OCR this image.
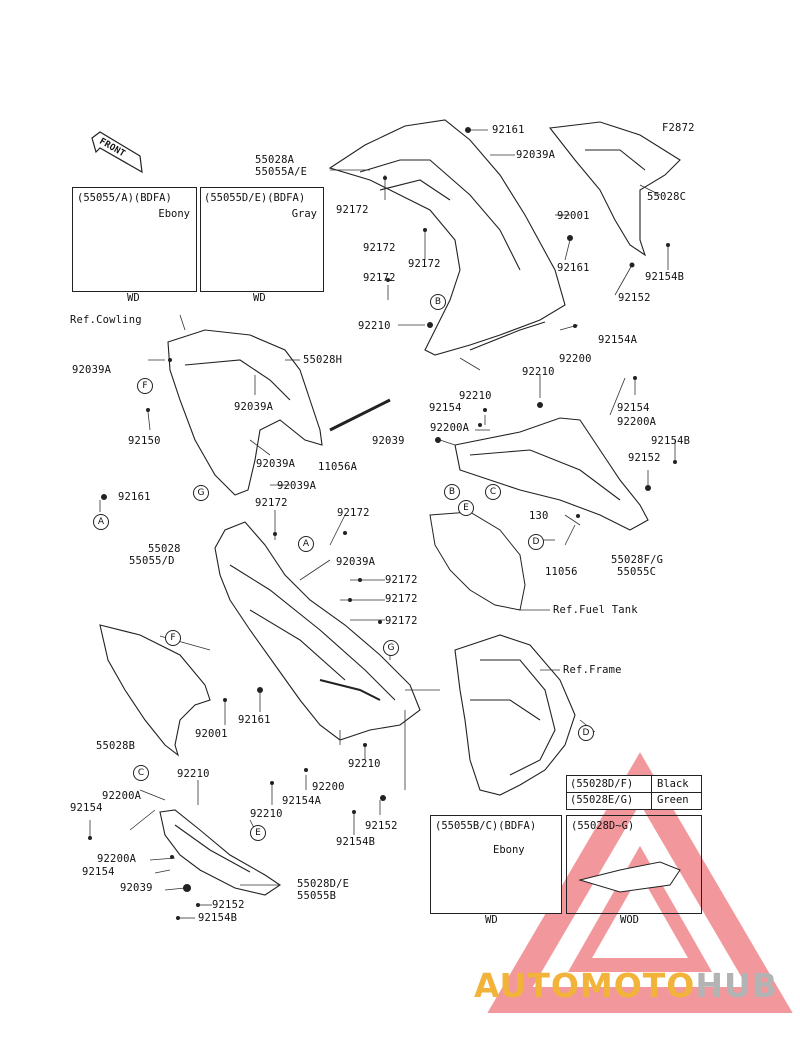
F2872
FRONT
(55055/A)(BDFA)
Ebony
WD
(55055D/E)(BDFA)
Gray
WD
(55055B/C)(BDFA)
Ebony
WD
(55028D~G)
WOD
(55028D/F) Black
(55028E/G) Green
B
F
G
A
B	C
E
D
A
F
G
D
C
E
92161
92039A
55028A
55055A/E
55028C
92001
92172
92172
92172	92161
92154B
92172
92152
92210
92154A
Ref.Cowling
55028H	92200
92039A	92210
92210
92039A	92154	92154
92200A
92200A
92150	92039	92154B
92152
92039A 11056A
92039A
92161	92172
92172	130
55028
55055/D	92039A	55028F/G
11056	55055C
92172
92172
Ref.Fuel Tank
92172
Ref.Frame
92161
92001
55028B
92210
92210
92200
92200A	92154A
92154	92210
92152
92154B
92200A
92154
55028D/E
92039
55055B
92152
92154B
AUTOMOTOHUB
